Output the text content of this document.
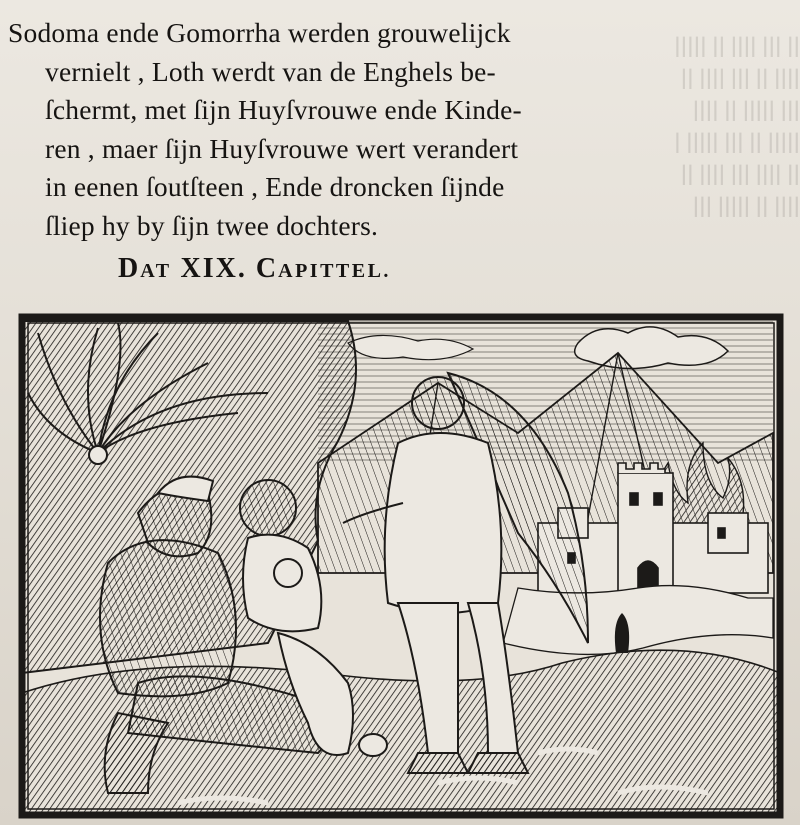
ꟾꟾ ꟾꟾꟾ ꟾꟾꟾꟾ ꟾꟾ ꟾꟾꟾꟾꟾ
ꟾꟾꟾꟾ ꟾꟾ ꟾꟾꟾ ꟾꟾꟾꟾ ꟾꟾ
ꟾꟾꟾ ꟾꟾꟾꟾꟾ ꟾꟾ ꟾꟾꟾꟾ
ꟾꟾꟾꟾꟾ ꟾꟾ ꟾꟾꟾ ꟾꟾꟾꟾꟾ ꟾ
ꟾꟾ ꟾꟾꟾꟾ ꟾꟾꟾ ꟾꟾꟾꟾ ꟾꟾ
ꟾꟾꟾꟾ ꟾꟾ ꟾꟾꟾꟾꟾ ꟾꟾꟾ
Sodoma ende Gomorrha werden grouwelijck
vernielt , Loth werdt van de Enghels be-
ſchermt, met ſijn Huyſvrouwe ende Kinde-
ren , maer ſijn Huyſvrouwe wert verandert
in eenen ſoutſteen , Ende droncken ſijnde
ſliep hy by ſijn twee dochters.
DAT XIX. CAPITTEL.
